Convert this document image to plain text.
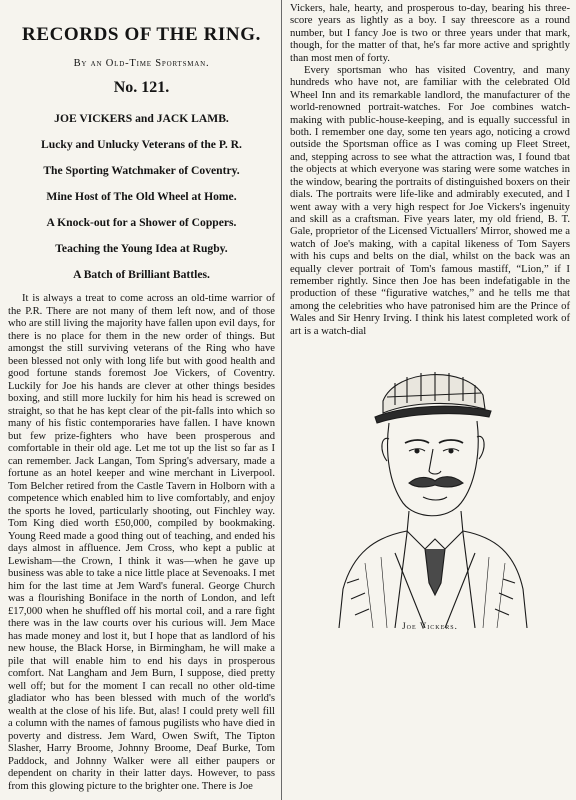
RECORDS OF THE RING.

By an Old-Time Sportsman.

No. 121.

JOE VICKERS and JACK LAMB.

Lucky and Unlucky Veterans of the P. R.

The Sporting Watchmaker of Coventry.

Mine Host of The Old Wheel at Home.

A Knock-out for a Shower of Coppers.

Teaching the Young Idea at Rugby.

A Batch of Brilliant Battles.

It is always a treat to come across an old-time warrior of the P.R. There are not many of them left now, and of those who are still living the majority have fallen upon evil days, for there is no place for them in the new order of things. But amongst the still surviving veterans of the Ring who have been blessed not only with long life but with good health and good fortune stands foremost Joe Vickers, of Coventry. Luckily for Joe his hands are clever at other things besides boxing, and still more luckily for him his head is screwed on straight, so that he has kept clear of the pit-falls into which so many of his fistic contemporaries have fallen. I have known but few prize-fighters who have been prosperous and comfortable in their old age. Let me tot up the list so far as I can remember. Jack Langan, Tom Spring's adversary, made a fortune as an hotel keeper and wine merchant in Liverpool. Tom Belcher retired from the Castle Tavern in Holborn with a competence which enabled him to live comfortably, and enjoy the sports he loved, particularly shooting, out Finchley way. Tom King died worth £50,000, compiled by bookmaking. Young Reed made a good thing out of teaching, and ended his days almost in affluence. Jem Cross, who kept a public at Lewisham—the Crown, I think it was—when he gave up business was able to take a nice little place at Sevenoaks. I met him for the last time at Jem Ward's funeral. George Church was a flourishing Boniface in the north of London, and left £17,000 when he shuffled off his mortal coil, and a rare fight there was in the law courts over his curious will. Jem Mace has made money and lost it, but I hope that as landlord of his new house, the Black Horse, in Birmingham, he will make a pile that will enable him to end his days in prosperous comfort. Nat Langham and Jem Burn, I suppose, died pretty well off; but for the moment I can recall no other old-time gladiator who has been blessed with much of the world's wealth at the close of his life. But, alas! I could prety well fill a column with the names of famous pugilists who have died in poverty and distress. Jem Ward, Owen Swift, The Tipton Slasher, Harry Broome, Johnny Broome, Deaf Burke, Tom Paddock, and Johnny Walker were all either paupers or dependent on charity in their latter days. However, to pass from this glowing picture to the brighter one. There is Joe

Vickers, hale, hearty, and prosperous to-day, bearing his three-score years as lightly as a boy. I say threescore as a round number, but I fancy Joe is two or three years under that mark, though, for the matter of that, he's far more active and sprightly than most men of forty.

Every sportsman who has visited Coventry, and many hundreds who have not, are familiar with the celebrated Old Wheel Inn and its remarkable landlord, the manufacturer of the world-renowned portrait-watches. For Joe combines watch-making with public-house-keeping, and is equally successful in both. I remember one day, some ten years ago, noticing a crowd outside the Sportsman office as I was coming up Fleet Street, and, stepping across to see what the attraction was, I found tbat the objects at which everyone was staring were some watches in the window, bearing the portraits of distinguished boxers on their dials. The portraits were life-like and admirably executed, and I went away with a very high respect for Joe Vickers's ingenuity and skill as a craftsman. Five years later, my old friend, B. T. Gale, proprietor of the Licensed Victuallers' Mirror, showed me a watch of Joe's making, with a capital likeness of Tom Sayers with his cups and belts on the dial, whilst on the back was an equally clever portrait of Tom's famous mastiff, “Lion,” if I remember rightly. Since then Joe has been indefatigable in the production of these “figurative watches,” and he tells me that among the celebrities who have patronised him are the Prince of Wales and Sir Henry Irving. I think his latest completed work of art is a watch-dial

Joe Vickers.
